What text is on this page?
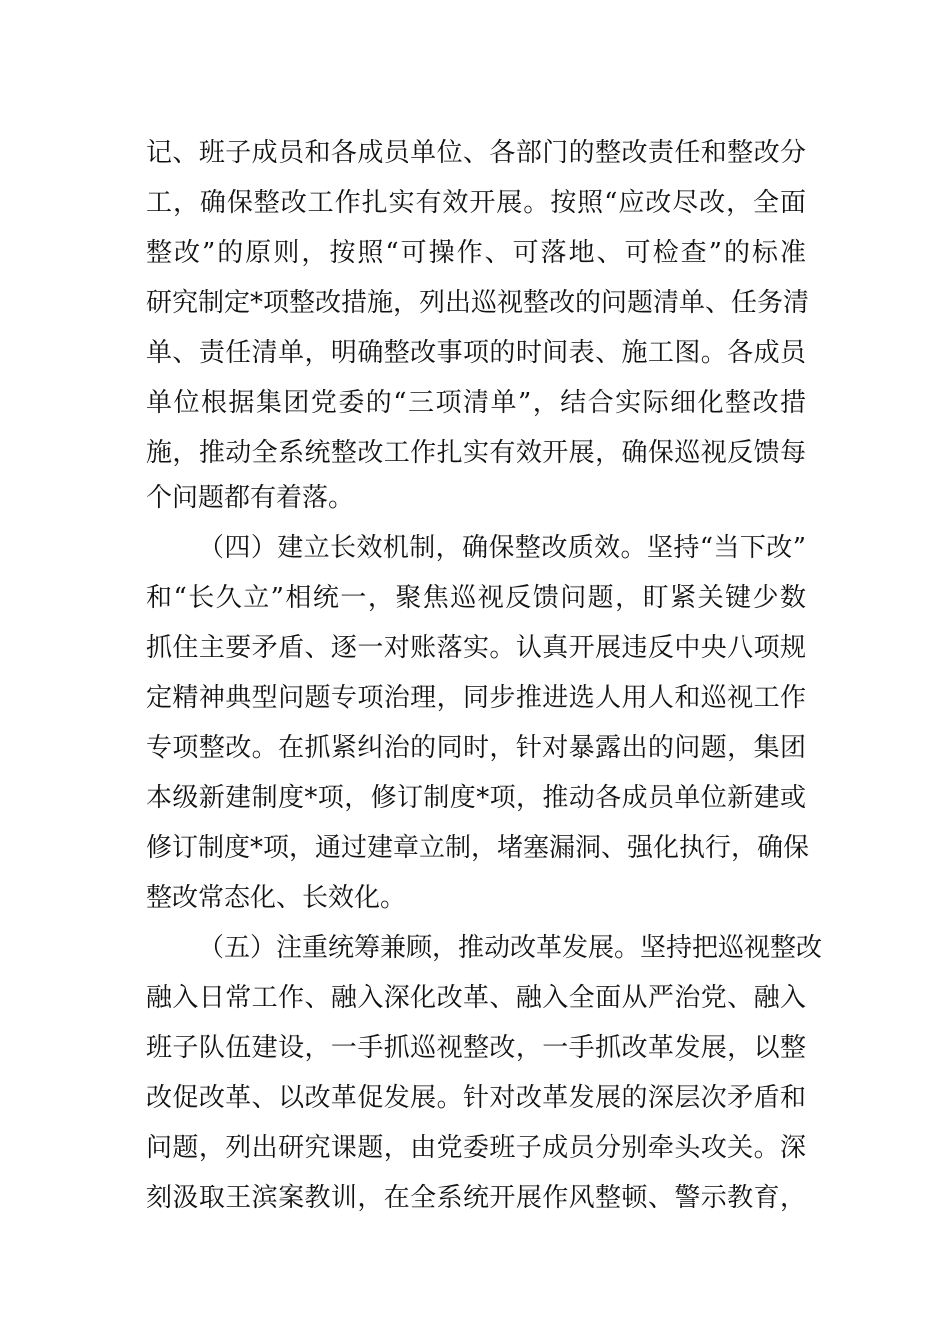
记、班子成员和各成员单位、各部门的整改责任和整改分
工，确保整改工作扎实有效开展。按照“应改尽改，全面
整改”的原则，按照“可操作、可落地、可检查”的标准
研究制定*项整改措施，列出巡视整改的问题清单、任务清
单、责任清单，明确整改事项的时间表、施工图。各成员
单位根据集团党委的“三项清单”，结合实际细化整改措
施，推动全系统整改工作扎实有效开展，确保巡视反馈每
个问题都有着落。
（四）建立长效机制，确保整改质效。坚持“当下改”
和“长久立”相统一，聚焦巡视反馈问题，盯紧关键少数
抓住主要矛盾、逐一对账落实。认真开展违反中央八项规
定精神典型问题专项治理，同步推进选人用人和巡视工作
专项整改。在抓紧纠治的同时，针对暴露出的问题，集团
本级新建制度*项，修订制度*项，推动各成员单位新建或
修订制度*项，通过建章立制，堵塞漏洞、强化执行，确保
整改常态化、长效化。
（五）注重统筹兼顾，推动改革发展。坚持把巡视整改
融入日常工作、融入深化改革、融入全面从严治党、融入
班子队伍建设，一手抓巡视整改，一手抓改革发展，以整
改促改革、以改革促发展。针对改革发展的深层次矛盾和
问题，列出研究课题，由党委班子成员分别牵头攻关。深
刻汲取王滨案教训，在全系统开展作风整顿、警示教育，
